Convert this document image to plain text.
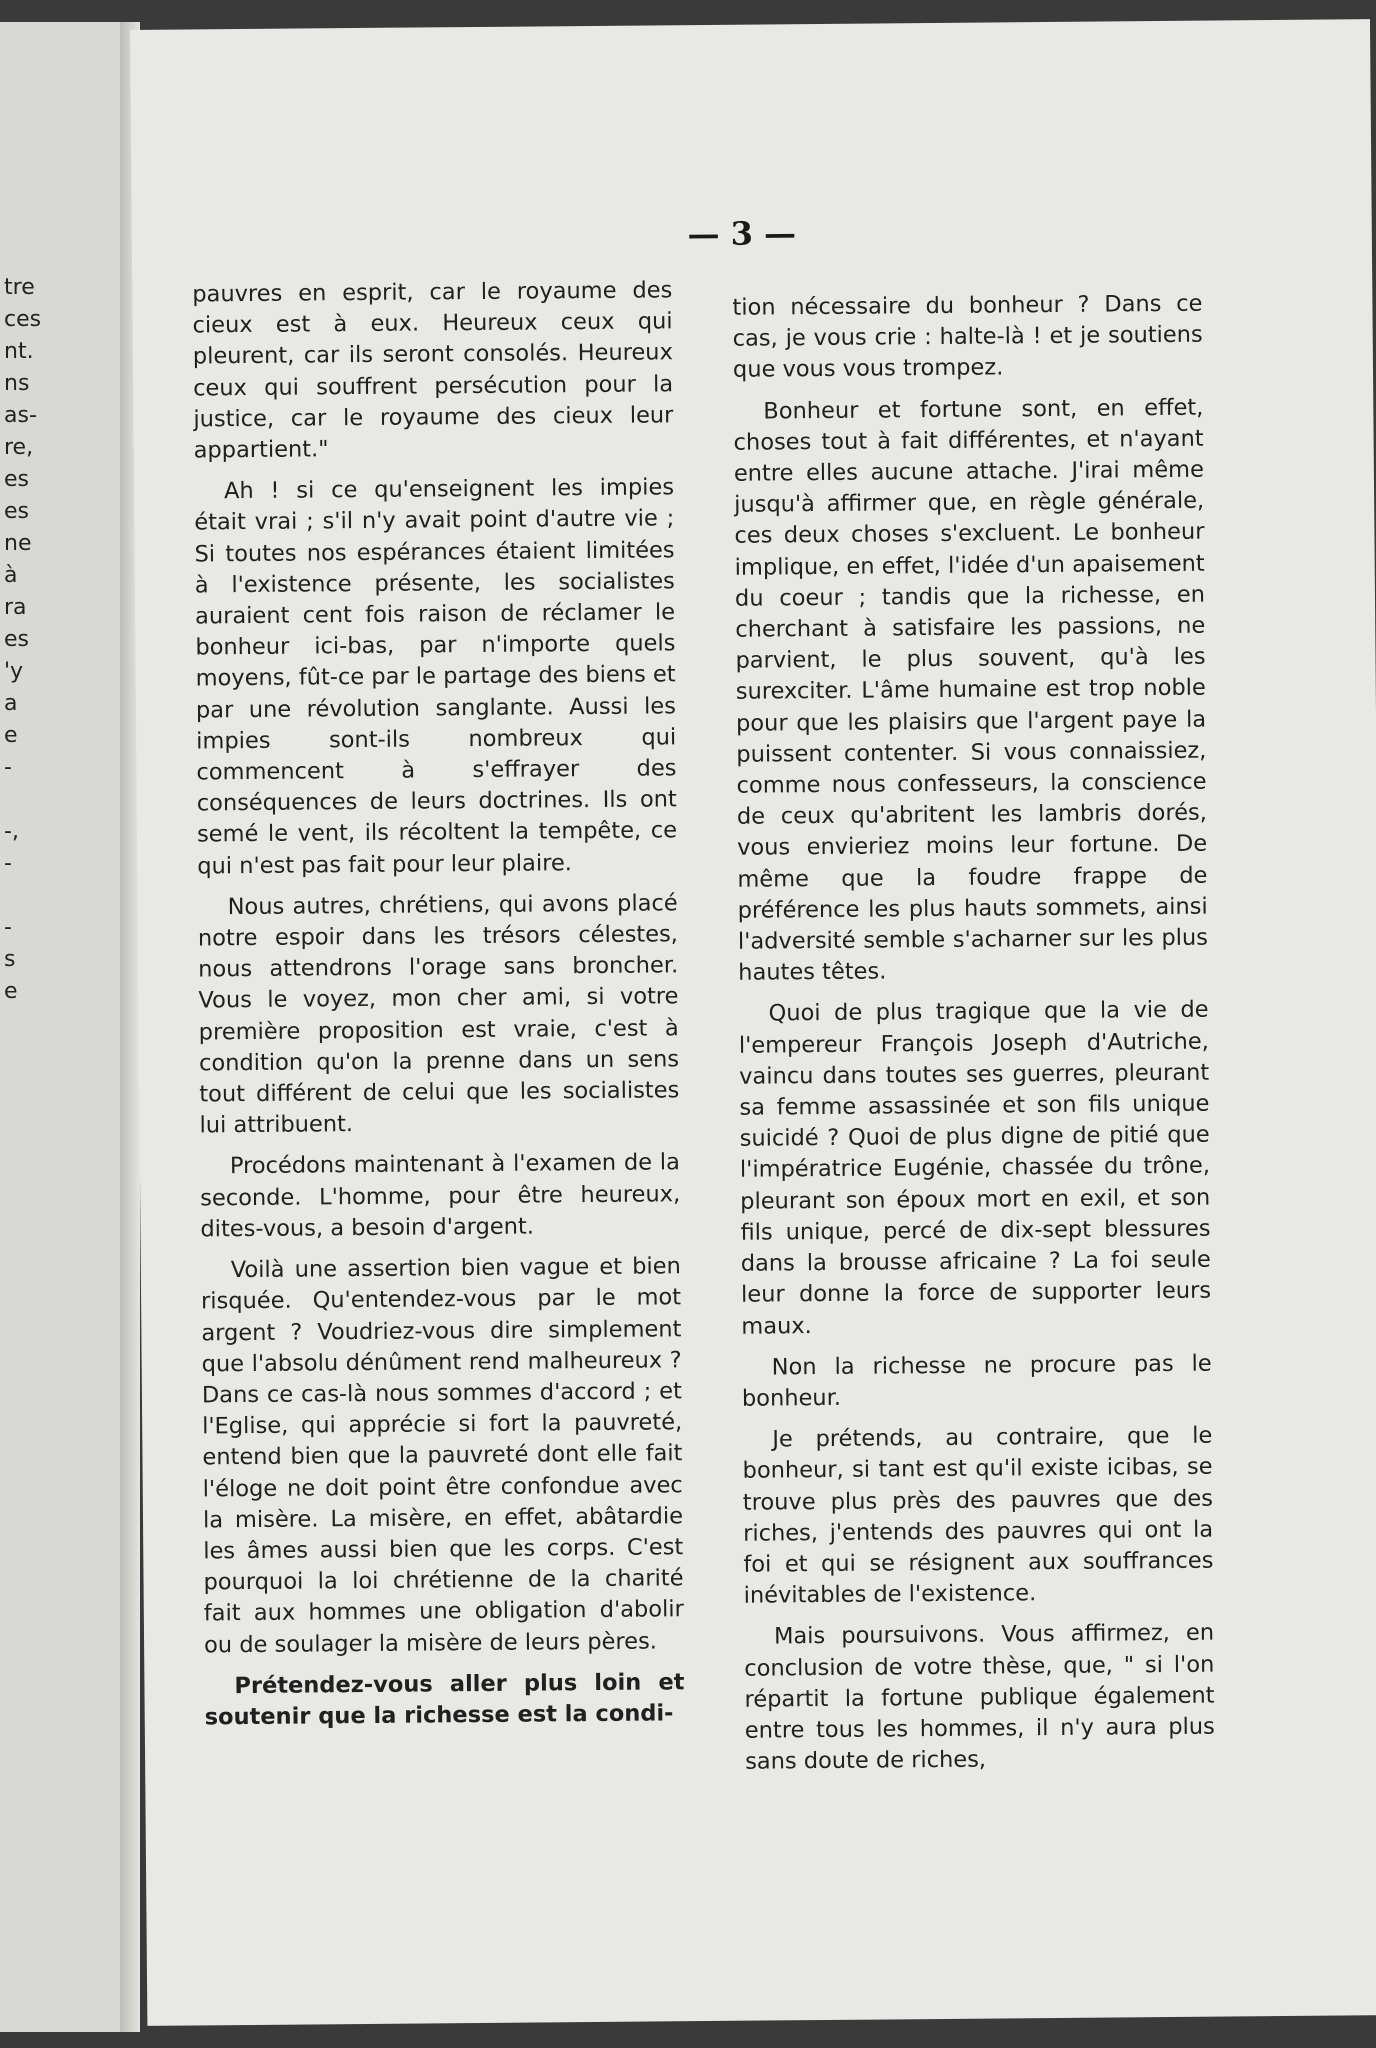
tre
ces
nt.
ns
as-
re,
es
es
ne
à
ra
es
'y
a
e
-
-,
-
-
s
e
— 3 —

pauvres en esprit, car le royaume des cieux est à eux. Heureux ceux qui pleurent, car ils seront consolés. Heureux ceux qui souffrent persécution pour la justice, car le royaume des cieux leur appartient."

Ah ! si ce qu'enseignent les impies était vrai ; s'il n'y avait point d'autre vie ; Si toutes nos espérances étaient limitées à l'existence présente, les socialistes auraient cent fois raison de réclamer le bonheur ici-bas, par n'importe quels moyens, fût-ce par le partage des biens et par une révolution sanglante. Aussi les impies sont-ils nombreux qui commencent à s'effrayer des conséquences de leurs doctrines. Ils ont semé le vent, ils récoltent la tempête, ce qui n'est pas fait pour leur plaire.

Nous autres, chrétiens, qui avons placé notre espoir dans les trésors célestes, nous attendrons l'orage sans broncher. Vous le voyez, mon cher ami, si votre première proposition est vraie, c'est à condition qu'on la prenne dans un sens tout différent de celui que les socialistes lui attribuent.

Procédons maintenant à l'examen de la seconde. L'homme, pour être heureux, dites-vous, a besoin d'argent.

Voilà une assertion bien vague et bien risquée. Qu'entendez-vous par le mot argent ? Voudriez-vous dire simplement que l'absolu dénûment rend malheureux ? Dans ce cas-là nous sommes d'accord ; et l'Eglise, qui apprécie si fort la pauvreté, entend bien que la pauvreté dont elle fait l'éloge ne doit point être confondue avec la misère. La misère, en effet, abâtardie les âmes aussi bien que les corps. C'est pourquoi la loi chrétienne de la charité fait aux hommes une obligation d'abolir ou de soulager la misère de leurs pères.

Prétendez-vous aller plus loin et soutenir que la richesse est la condi-

tion nécessaire du bonheur ? Dans ce cas, je vous crie : halte-là ! et je soutiens que vous vous trompez.

Bonheur et fortune sont, en effet, choses tout à fait différentes, et n'ayant entre elles aucune attache. J'irai même jusqu'à affirmer que, en règle générale, ces deux choses s'excluent. Le bonheur implique, en effet, l'idée d'un apaisement du coeur ; tandis que la richesse, en cherchant à satisfaire les passions, ne parvient, le plus souvent, qu'à les surexciter. L'âme humaine est trop noble pour que les plaisirs que l'argent paye la puissent contenter. Si vous connaissiez, comme nous confesseurs, la conscience de ceux qu'abritent les lambris dorés, vous envieriez moins leur fortune. De même que la foudre frappe de préférence les plus hauts sommets, ainsi l'adversité semble s'acharner sur les plus hautes têtes.

Quoi de plus tragique que la vie de l'empereur François Joseph d'Autriche, vaincu dans toutes ses guerres, pleurant sa femme assassinée et son fils unique suicidé ? Quoi de plus digne de pitié que l'impératrice Eugénie, chassée du trône, pleurant son époux mort en exil, et son fils unique, percé de dix-sept blessures dans la brousse africaine ? La foi seule leur donne la force de supporter leurs maux.

Non la richesse ne procure pas le bonheur.

Je prétends, au contraire, que le bonheur, si tant est qu'il existe icibas, se trouve plus près des pauvres que des riches, j'entends des pauvres qui ont la foi et qui se résignent aux souffrances inévitables de l'existence.

Mais poursuivons. Vous affirmez, en conclusion de votre thèse, que, " si l'on répartit la fortune publique également entre tous les hommes, il n'y aura plus sans doute de riches,
